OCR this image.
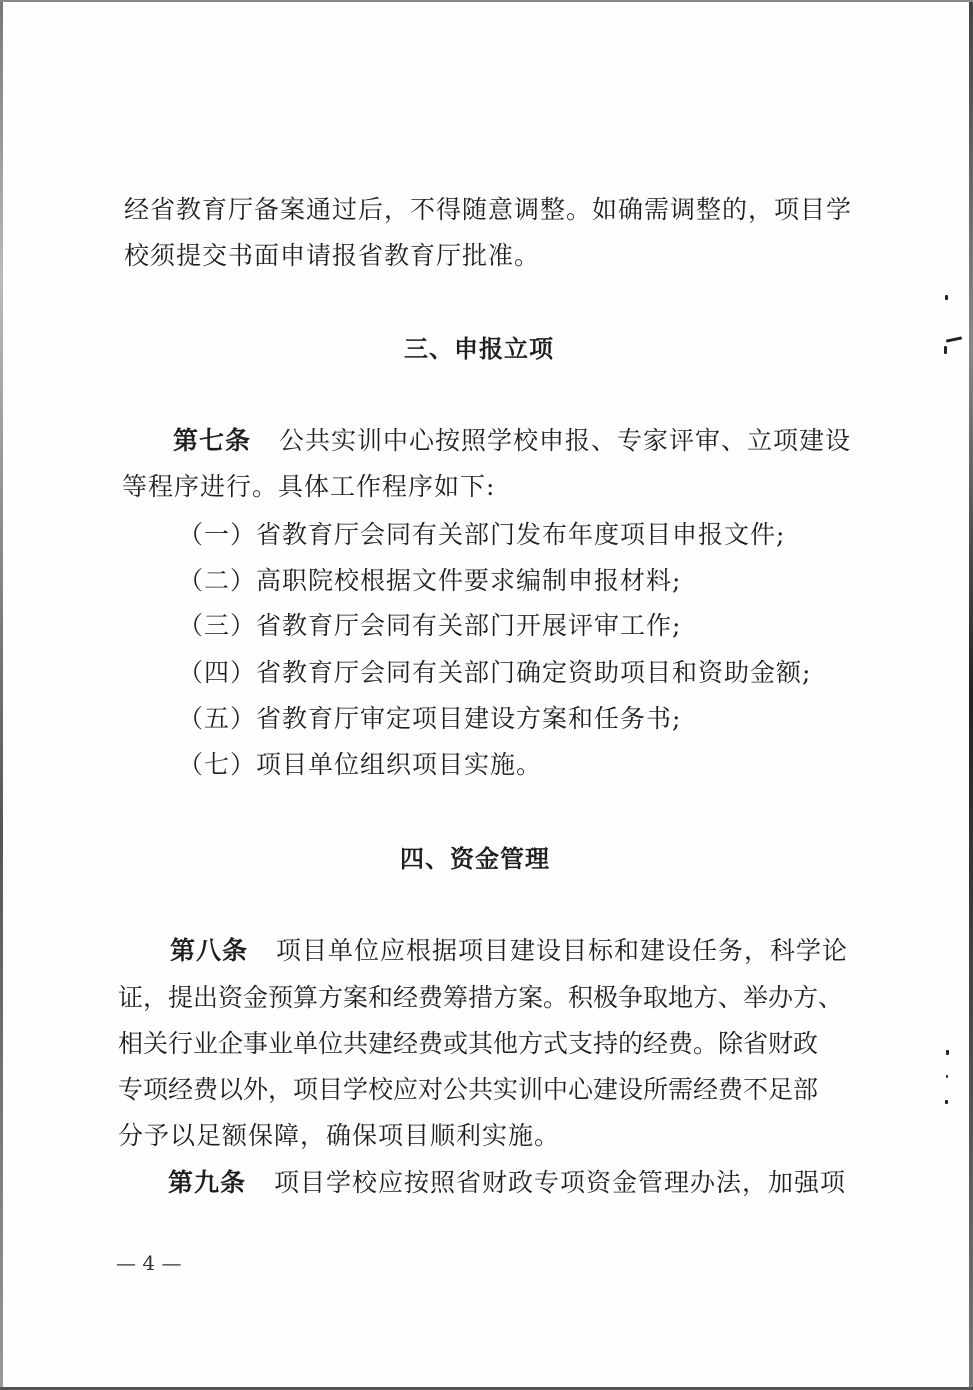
经省教育厅备案通过后，不得随意调整。如确需调整的，项目学
校须提交书面申请报省教育厅批准。
三、申报立项
第七条 公共实训中心按照学校申报、专家评审、立项建设
等程序进行。具体工作程序如下:
（一）省教育厅会同有关部门发布年度项目申报文件;
（二）高职院校根据文件要求编制申报材料;
（三）省教育厅会同有关部门开展评审工作;
（四）省教育厅会同有关部门确定资助项目和资助金额;
（五）省教育厅审定项目建设方案和任务书;
（七）项目单位组织项目实施。
四、资金管理
第八条 项目单位应根据项目建设目标和建设任务，科学论
证，提出资金预算方案和经费筹措方案。积极争取地方、举办方、
相关行业企事业单位共建经费或其他方式支持的经费。除省财政
专项经费以外，项目学校应对公共实训中心建设所需经费不足部
分予以足额保障，确保项目顺利实施。
第九条 项目学校应按照省财政专项资金管理办法，加强项
— 4 —
